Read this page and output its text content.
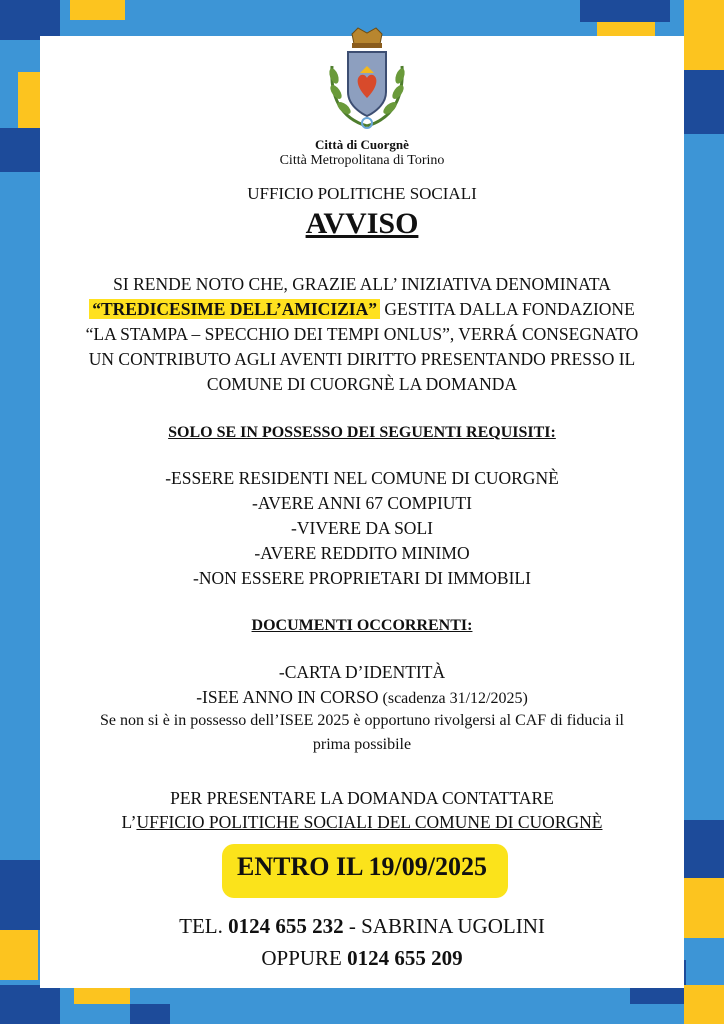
Città di Cuorgnè
Città Metropolitana di Torino
UFFICIO POLITICHE SOCIALI
AVVISO
SI RENDE NOTO CHE, GRAZIE ALL’ INIZIATIVA DENOMINATA
“TREDICESIME DELL’AMICIZIA” GESTITA DALLA FONDAZIONE
“LA STAMPA – SPECCHIO DEI TEMPI ONLUS”, VERRÁ CONSEGNATO
UN CONTRIBUTO AGLI AVENTI DIRITTO PRESENTANDO PRESSO IL
COMUNE DI CUORGNÈ LA DOMANDA
SOLO SE IN POSSESSO DEI SEGUENTI REQUISITI:
-ESSERE RESIDENTI NEL COMUNE DI CUORGNÈ
-AVERE ANNI 67 COMPIUTI
-VIVERE DA SOLI
-AVERE REDDITO MINIMO
-NON ESSERE PROPRIETARI DI IMMOBILI
DOCUMENTI OCCORRENTI:
-CARTA D’IDENTITÀ
-ISEE ANNO IN CORSO (scadenza 31/12/2025)
Se non si è in possesso dell’ISEE 2025 è opportuno rivolgersi al CAF di fiducia il
prima possibile
PER PRESENTARE LA DOMANDA CONTATTARE
L’UFFICIO POLITICHE SOCIALI DEL COMUNE DI CUORGNÈ
ENTRO IL 19/09/2025
TEL. 0124 655 232 - SABRINA UGOLINI
OPPURE 0124 655 209
